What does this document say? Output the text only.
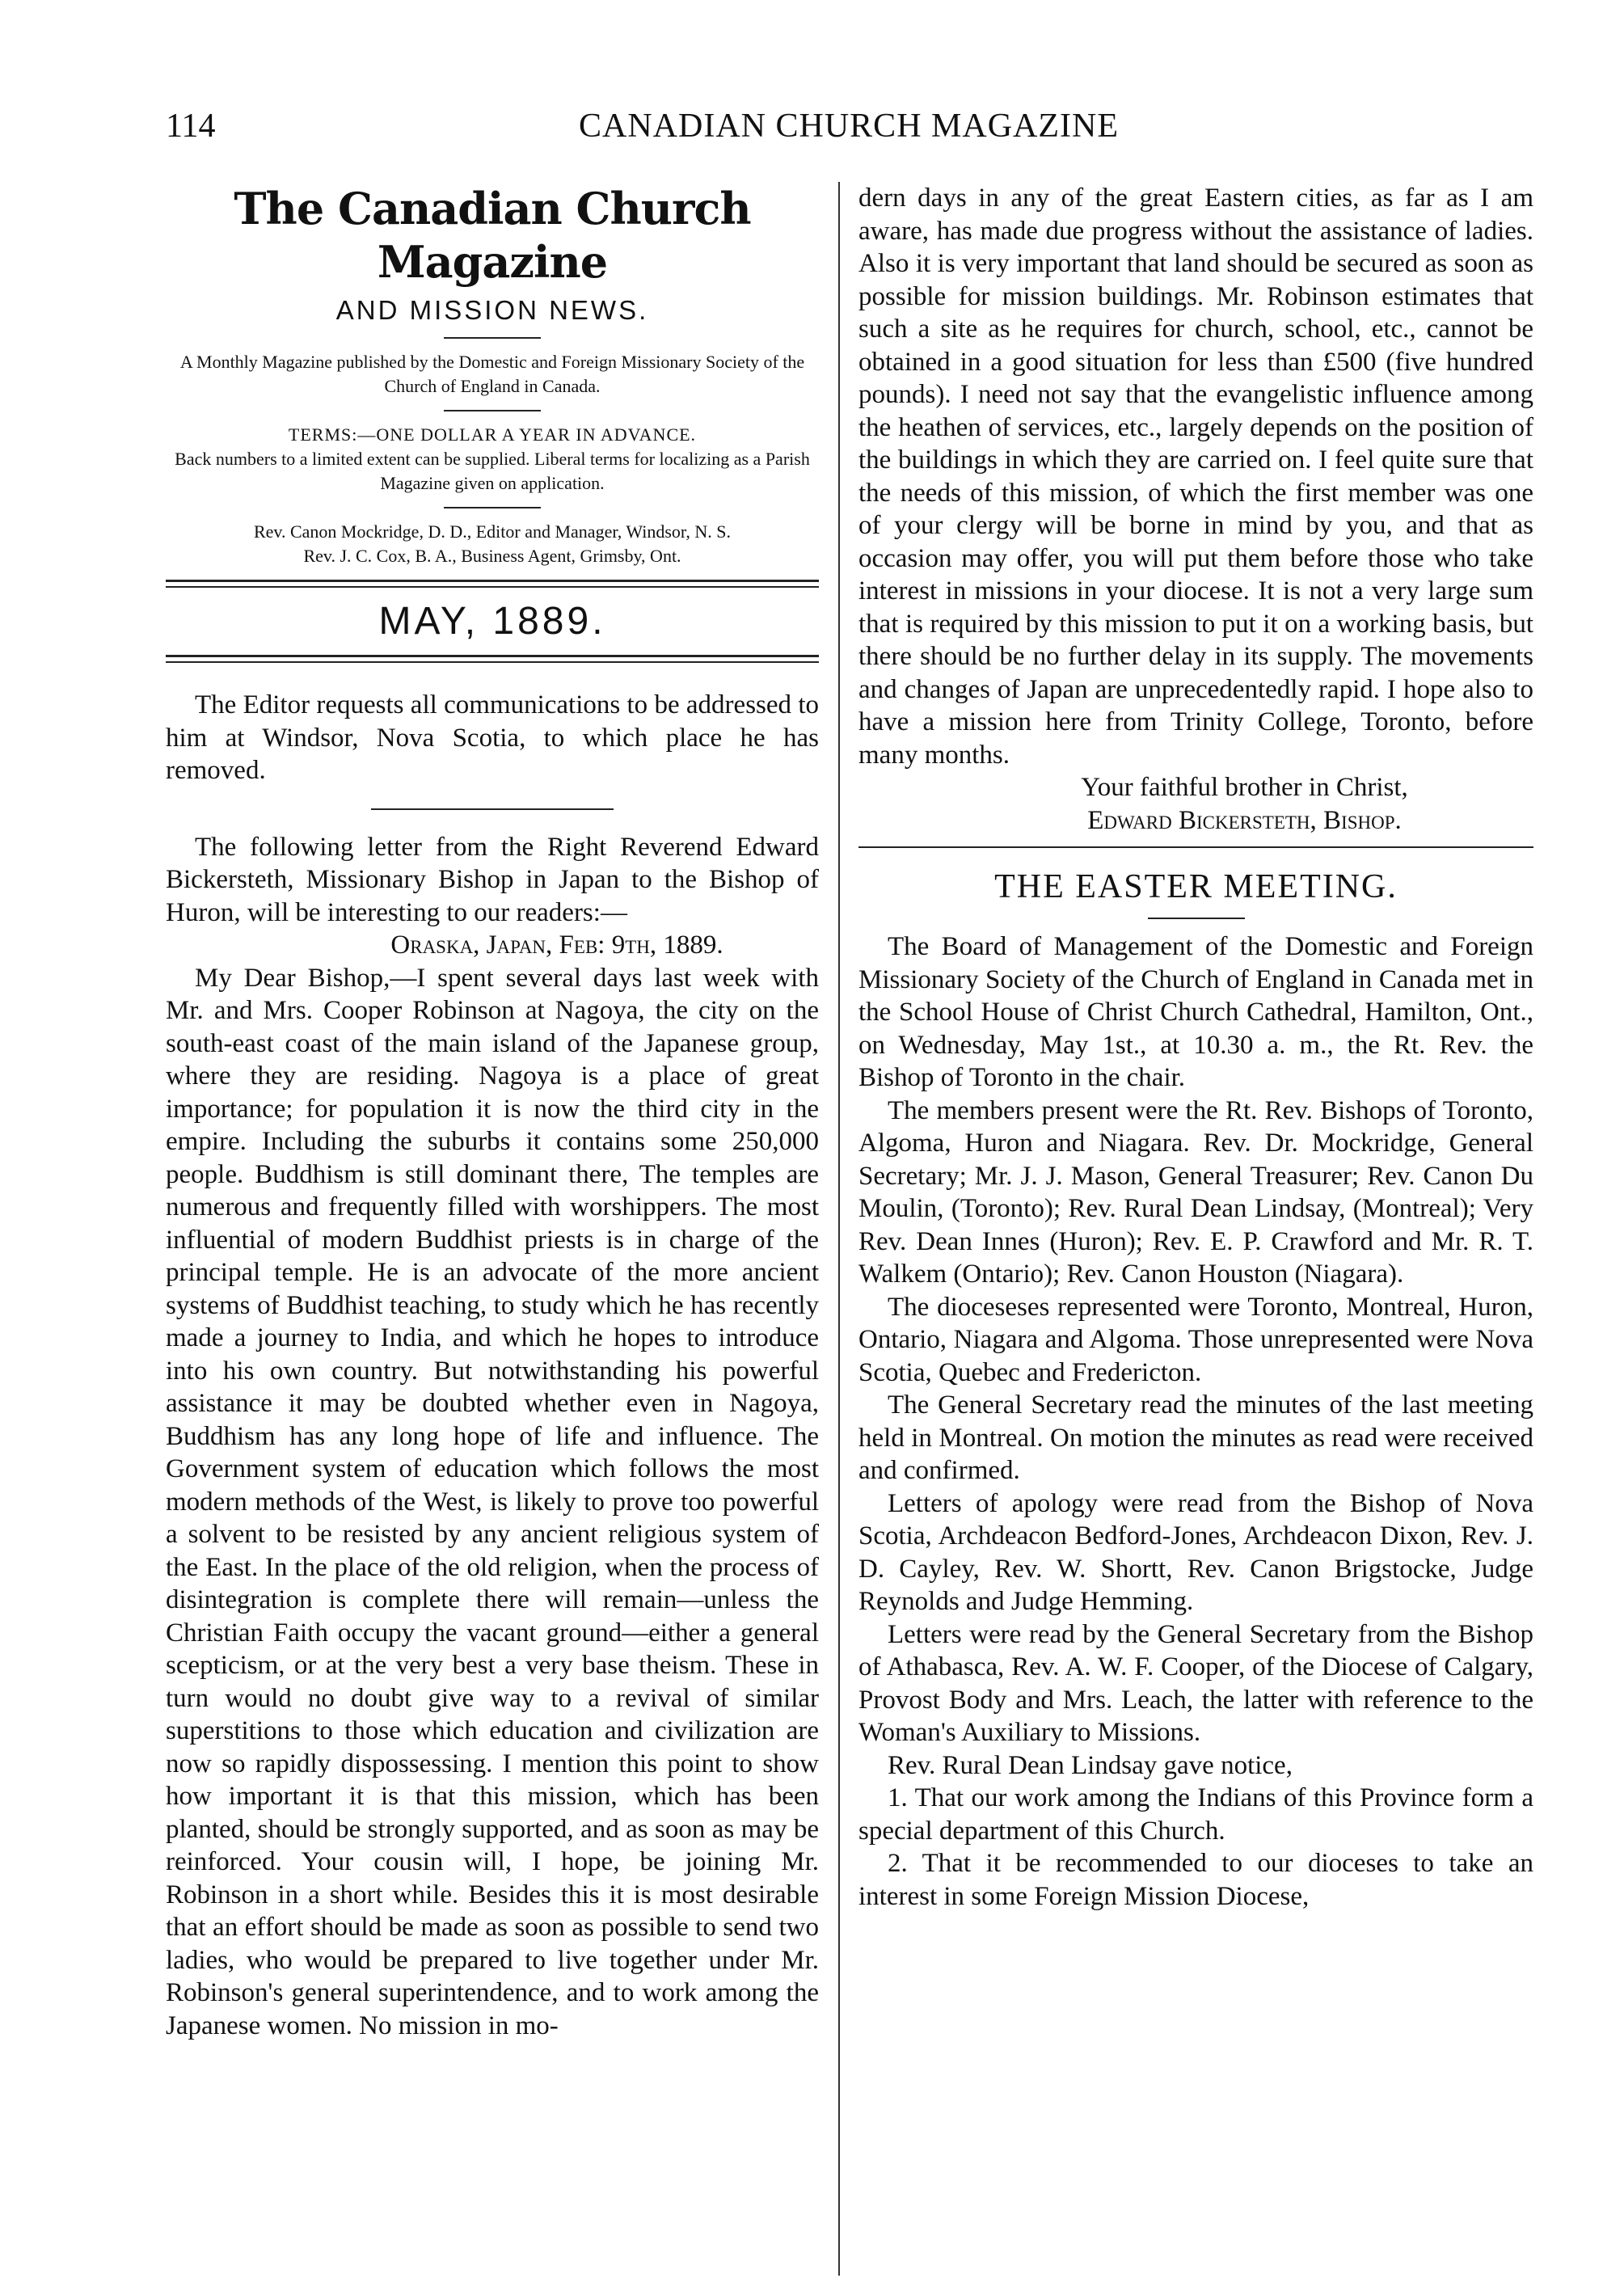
114	CANADIAN CHURCH MAGAZINE
The Canadian Church Magazine
AND MISSION NEWS.
A Monthly Magazine published by the Domestic and Foreign Missionary Society of the Church of England in Canada.
TERMS:—ONE DOLLAR A YEAR IN ADVANCE.
Back numbers to a limited extent can be supplied. Liberal terms for localizing as a Parish Magazine given on application.
Rev. Canon Mockridge, D. D., Editor and Manager, Windsor, N. S.
Rev. J. C. Cox, B. A., Business Agent, Grimsby, Ont.
MAY, 1889.

The Editor requests all communications to be addressed to him at Windsor, Nova Scotia, to which place he has removed.

The following letter from the Right Reverend Edward Bickersteth, Missionary Bishop in Japan to the Bishop of Huron, will be interesting to our readers:—

Oraska, Japan, Feb: 9th, 1889.

My Dear Bishop,—I spent several days last week with Mr. and Mrs. Cooper Robinson at Nagoya, the city on the south-east coast of the main island of the Japanese group, where they are residing. Nagoya is a place of great importance; for population it is now the third city in the empire. Including the suburbs it contains some 250,000 people. Buddhism is still dominant there, The temples are numerous and frequently filled with worshippers. The most influential of modern Buddhist priests is in charge of the principal temple. He is an advocate of the more ancient systems of Buddhist teaching, to study which he has recently made a journey to India, and which he hopes to introduce into his own country. But notwithstanding his powerful assistance it may be doubted whether even in Nagoya, Buddhism has any long hope of life and influence. The Government system of education which follows the most modern methods of the West, is likely to prove too powerful a solvent to be resisted by any ancient religious system of the East. In the place of the old religion, when the process of disintegration is complete there will remain—unless the Christian Faith occupy the vacant ground—either a general scepticism, or at the very best a very base theism. These in turn would no doubt give way to a revival of similar superstitions to those which education and civilization are now so rapidly dispossessing. I mention this point to show how important it is that this mission, which has been planted, should be strongly supported, and as soon as may be reinforced. Your cousin will, I hope, be joining Mr. Robinson in a short while. Besides this it is most desirable that an effort should be made as soon as possible to send two ladies, who would be prepared to live together under Mr. Robinson's general superintendence, and to work among the Japanese women. No mission in mo-

dern days in any of the great Eastern cities, as far as I am aware, has made due progress without the assistance of ladies. Also it is very important that land should be secured as soon as possible for mission buildings. Mr. Robinson estimates that such a site as he requires for church, school, etc., cannot be obtained in a good situation for less than £500 (five hundred pounds). I need not say that the evangelistic influence among the heathen of services, etc., largely depends on the position of the buildings in which they are carried on. I feel quite sure that the needs of this mission, of which the first member was one of your clergy will be borne in mind by you, and that as occasion may offer, you will put them before those who take interest in missions in your diocese. It is not a very large sum that is required by this mission to put it on a working basis, but there should be no further delay in its supply. The movements and changes of Japan are unprecedentedly rapid. I hope also to have a mission here from Trinity College, Toronto, before many months.

Your faithful brother in Christ,

Edward Bickersteth, Bishop.

THE EASTER MEETING.

The Board of Management of the Domestic and Foreign Missionary Society of the Church of England in Canada met in the School House of Christ Church Cathedral, Hamilton, Ont., on Wednesday, May 1st., at 10.30 a. m., the Rt. Rev. the Bishop of Toronto in the chair.

The members present were the Rt. Rev. Bishops of Toronto, Algoma, Huron and Niagara. Rev. Dr. Mockridge, General Secretary; Mr. J. J. Mason, General Treasurer; Rev. Canon Du Moulin, (Toronto); Rev. Rural Dean Lindsay, (Montreal); Very Rev. Dean Innes (Huron); Rev. E. P. Crawford and Mr. R. T. Walkem (Ontario); Rev. Canon Houston (Niagara).

The dioceseses represented were Toronto, Montreal, Huron, Ontario, Niagara and Algoma. Those unrepresented were Nova Scotia, Quebec and Fredericton.

The General Secretary read the minutes of the last meeting held in Montreal. On motion the minutes as read were received and confirmed.

Letters of apology were read from the Bishop of Nova Scotia, Archdeacon Bedford-Jones, Archdeacon Dixon, Rev. J. D. Cayley, Rev. W. Shortt, Rev. Canon Brigstocke, Judge Reynolds and Judge Hemming.

Letters were read by the General Secretary from the Bishop of Athabasca, Rev. A. W. F. Cooper, of the Diocese of Calgary, Provost Body and Mrs. Leach, the latter with reference to the Woman's Auxiliary to Missions.

Rev. Rural Dean Lindsay gave notice,

1. That our work among the Indians of this Province form a special department of this Church.

2. That it be recommended to our dioceses to take an interest in some Foreign Mission Diocese,
